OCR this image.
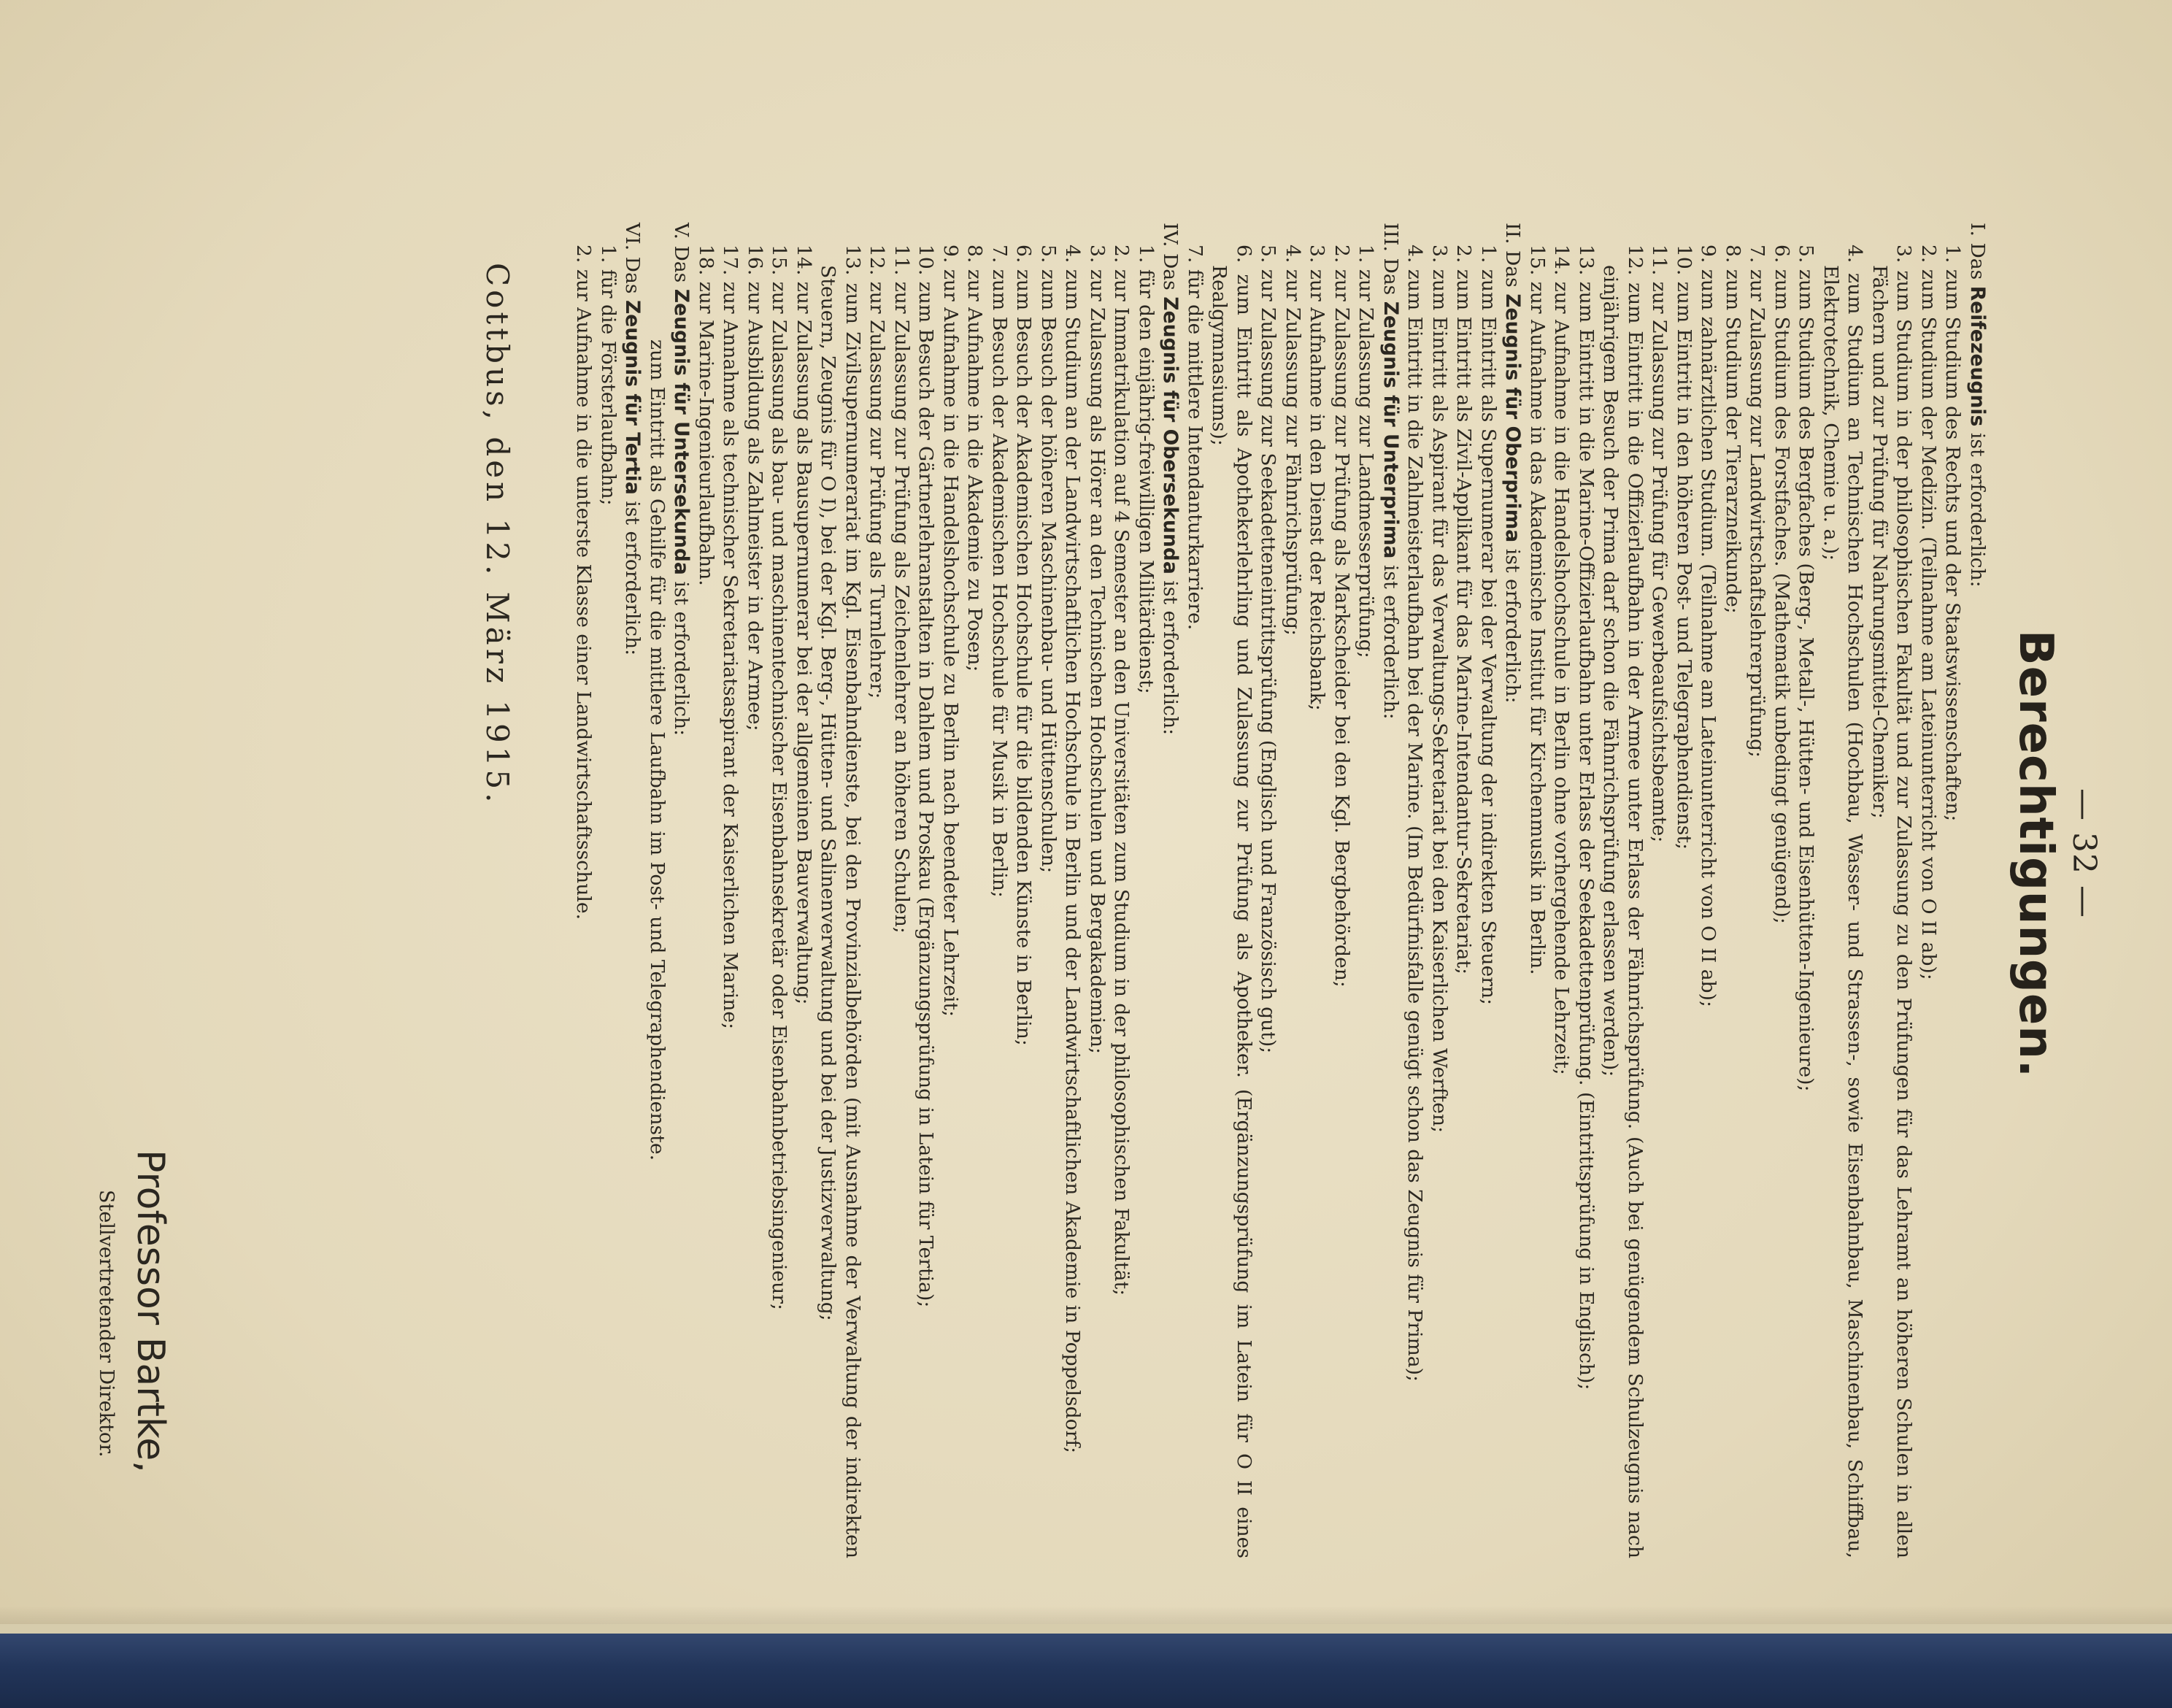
— 32 —
Berechtigungen.
I. Das Reifezeugnis ist erforderlich:
1. zum Studium des Rechts und der Staatswissenschaften;
2. zum Studium der Medizin. (Teilnahme am Lateinunterricht von O II ab);
3. zum Studium in der philosophischen Fakultät und zur Zulassung zu den Prüfungen für das Lehramt an höheren Schulen in allen Fächern und zur Prüfung für Nahrungsmittel-Chemiker;
4. zum Studium an Technischen Hochschulen (Hochbau, Wasser- und Strassen-, sowie Eisenbahnbau, Maschinenbau, Schiffbau, Elektrotechnik, Chemie u. a.);
5. zum Studium des Bergfaches (Berg-, Metall-, Hütten- und Eisenhütten-Ingenieure);
6. zum Studium des Forstfaches. (Mathematik unbedingt genügend);
7. zur Zulassung zur Landwirtschaftslehrerprüfung;
8. zum Studium der Tierarzneikunde;
9. zum zahnärztlichen Studium. (Teilnahme am Lateinunterricht von O II ab);
10. zum Eintritt in den höheren Post- und Telegraphendienst;
11. zur Zulassung zur Prüfung für Gewerbeaufsichtsbeamte;
12. zum Eintritt in die Offizierlaufbahn in der Armee unter Erlass der Fähnrichsprüfung. (Auch bei genügendem Schulzeugnis nach einjährigem Besuch der Prima darf schon die Fähnrichsprüfung erlassen werden);
13. zum Eintritt in die Marine-Offizierlaufbahn unter Erlass der Seekadettenprüfung. (Eintrittsprüfung in Englisch);
14. zur Aufnahme in die Handelshochschule in Berlin ohne vorhergehende Lehrzeit;
15. zur Aufnahme in das Akademische Institut für Kirchenmusik in Berlin.
II. Das Zeugnis für Oberprima ist erforderlich:
1. zum Eintritt als Supernumerar bei der Verwaltung der indirekten Steuern;
2. zum Eintritt als Zivil-Applikant für das Marine-Intendantur-Sekretariat;
3. zum Eintritt als Aspirant für das Verwaltungs-Sekretariat bei den Kaiserlichen Werften;
4. zum Eintritt in die Zahlmeisterlaufbahn bei der Marine. (Im Bedürfnisfalle genügt schon das Zeugnis für Prima);
III. Das Zeugnis für Unterprima ist erforderlich:
1. zur Zulassung zur Landmesserprüfung;
2. zur Zulassung zur Prüfung als Markscheider bei den Kgl. Bergbehörden;
3. zur Aufnahme in den Dienst der Reichsbank;
4. zur Zulassung zur Fähnrichsprüfung;
5. zur Zulassung zur Seekadetteneintrittsprüfung (Englisch und Französisch gut);
6. zum Eintritt als Apothekerlehrling und Zulassung zur Prüfung als Apotheker. (Ergänzungsprüfung im Latein für O II eines Realgymnasiums);
7. für die mittlere Intendanturkarriere.
IV. Das Zeugnis für Obersekunda ist erforderlich:
1. für den einjährig-freiwilligen Militärdienst;
2. zur Immatrikulation auf 4 Semester an den Universitäten zum Studium in der philosophischen Fakultät;
3. zur Zulassung als Hörer an den Technischen Hochschulen und Bergakademien;
4. zum Studium an der Landwirtschaftlichen Hochschule in Berlin und der Landwirtschaftlichen Akademie in Poppelsdorf;
5. zum Besuch der höheren Maschinenbau- und Hüttenschulen;
6. zum Besuch der Akademischen Hochschule für die bildenden Künste in Berlin;
7. zum Besuch der Akademischen Hochschule für Musik in Berlin;
8. zur Aufnahme in die Akademie zu Posen;
9. zur Aufnahme in die Handelshochschule zu Berlin nach beendeter Lehrzeit;
10. zum Besuch der Gärtnerlehranstalten in Dahlem und Proskau (Ergänzungsprüfung in Latein für Tertia);
11. zur Zulassung zur Prüfung als Zeichenlehrer an höheren Schulen;
12. zur Zulassung zur Prüfung als Turnlehrer;
13. zum Zivilsupernumerariat im Kgl. Eisenbahndienste, bei den Provinzialbehörden (mit Ausnahme der Verwaltung der indirekten Steuern, Zeugnis für O I), bei der Kgl. Berg-, Hütten- und Salinenverwaltung und bei der Justizverwaltung;
14. zur Zulassung als Bausupernumerar bei der allgemeinen Bauverwaltung;
15. zur Zulassung als bau- und maschinentechnischer Eisenbahnsekretär oder Eisenbahnbetriebsingenieur;
16. zur Ausbildung als Zahlmeister in der Armee;
17. zur Annahme als technischer Sekretariatsaspirant der Kaiserlichen Marine;
18. zur Marine-Ingenieurlaufbahn.
V. Das Zeugnis für Untersekunda ist erforderlich:
zum Eintritt als Gehilfe für die mittlere Laufbahn im Post- und Telegraphendienste.
VI. Das Zeugnis für Tertia ist erforderlich:
1. für die Försterlaufbahn;
2. zur Aufnahme in die unterste Klasse einer Landwirtschaftsschule.
Cottbus, den 12. März 1915.
Professor Bartke,
Stellvertretender Direktor.
